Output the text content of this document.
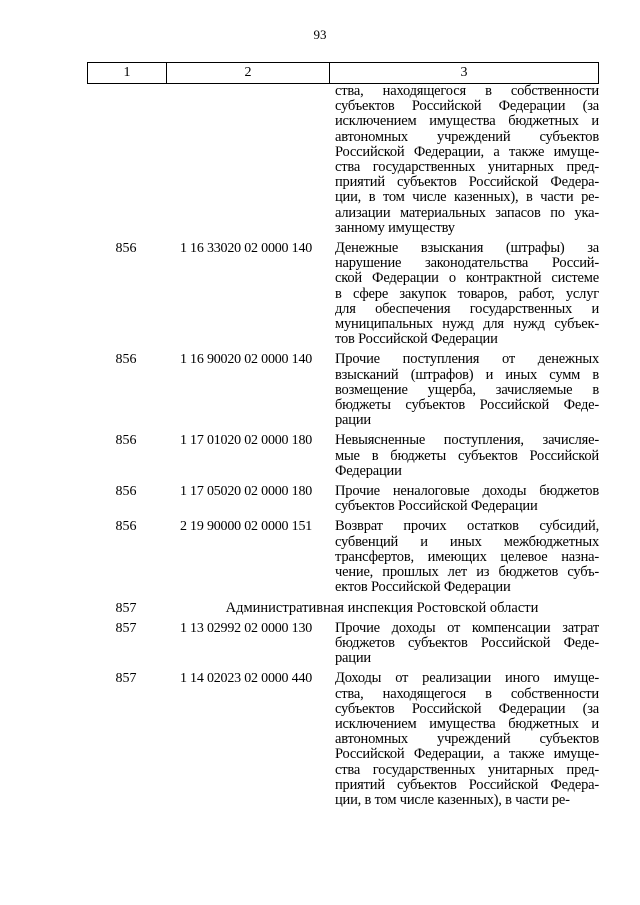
93
1	2	3
ства, находящегося в собственности
субъектов Российской Федерации (за
исключением имущества бюджетных и
автономных учреждений субъектов
Российской Федерации, а также имуще-
ства государственных унитарных пред-
приятий субъектов Российской Федера-
ции, в том числе казенных), в части ре-
ализации материальных запасов по ука-
занному имуществу
856	1 16 33020 02 0000 140	Денежные взыскания (штрафы) за
нарушение законодательства Россий-
ской Федерации о контрактной системе
в сфере закупок товаров, работ, услуг
для обеспечения государственных и
муниципальных нужд для нужд субъек-
тов Российской Федерации
856	1 16 90020 02 0000 140	Прочие поступления от денежных
взысканий (штрафов) и иных сумм в
возмещение ущерба, зачисляемые в
бюджеты субъектов Российской Феде-
рации
856	1 17 01020 02 0000 180	Невыясненные поступления, зачисляе-
мые в бюджеты субъектов Российской
Федерации
856	1 17 05020 02 0000 180	Прочие неналоговые доходы бюджетов
субъектов Российской Федерации
856	2 19 90000 02 0000 151	Возврат прочих остатков субсидий,
субвенций и иных межбюджетных
трансфертов, имеющих целевое назна-
чение, прошлых лет из бюджетов субъ-
ектов Российской Федерации
857	Административная инспекция Ростовской области
857	1 13 02992 02 0000 130	Прочие доходы от компенсации затрат
бюджетов субъектов Российской Феде-
рации
857	1 14 02023 02 0000 440	Доходы от реализации иного имуще-
ства, находящегося в собственности
субъектов Российской Федерации (за
исключением имущества бюджетных и
автономных учреждений субъектов
Российской Федерации, а также имуще-
ства государственных унитарных пред-
приятий субъектов Российской Федера-
ции, в том числе казенных), в части ре-
